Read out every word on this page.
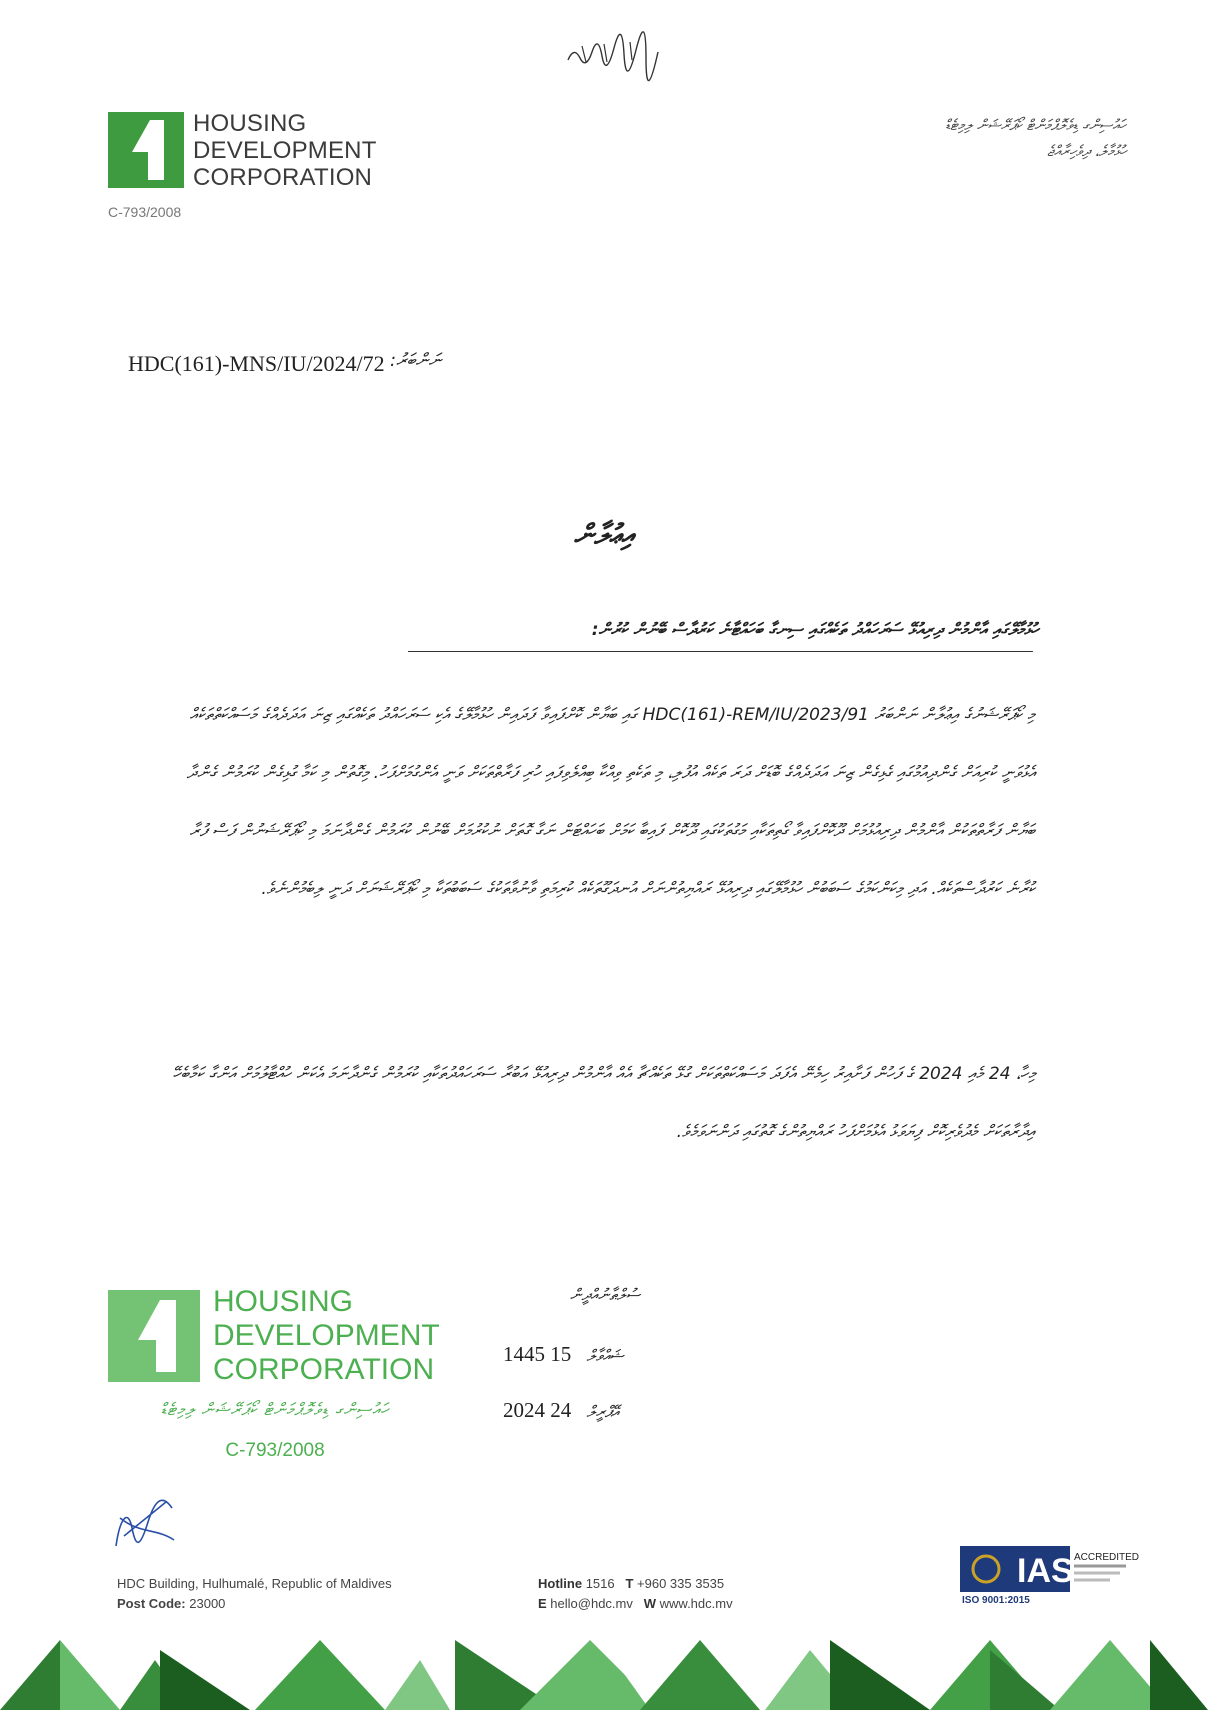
HOUSING
DEVELOPMENT
CORPORATION
C-793/2008
ހައުސިންގ ޑިވެލޮޕްމަންޓް ކޯޕަރޭޝަން ލިމިޓެޑް
ހުޅުމާލެ، ދިވެހިރާއްޖެ
HDC(161)-MNS/IU/2024/72 ނަންބަރު:
އިޢުލާން
ހުޅުމާލޭގައި އާންމުން ދިރިއުޅޭ ސަރަހައްދު ތަކެއްގައި ސިނގާ ބަހައްޓާނެ ކަރުދާސް ބޭނުން ކުރުން:
މި ކޯޕަރޭޝަނުގެ އިޢުލާން ނަންބަރު HDC(161)-REM/IU/2023/91 ގައި ބަޔާން ކޮށްފައިވާ ފަދައިން ހުޅުމާލޭގެ އެކި ސަރަހައްދު ތަކެއްގައި ޒިނަ އަދަދެއްގެ މަސައްކަތްތަކެއް އެޅުވަނީ ކުރިއަށް ގެންދިއުމުގައި ގެޅިގެން ޒިނަ އަދަދެއްގެ ބޮޑަށް ދަރަ ތަކެއް އުފުލި، މި ތަކެތި ވިއްކާ ބިއްލެވިފައި ހުރި ފަރާތްތަކަށް ވަނީ އެންގުމަށްފަހު. މިގޮތުން މި ކަމާ ގުޅިގެން ކުރަމުން ގެންދާ ބަޔާން ފަރާތްތަކުން އާންމުން ދިރިއުޅުމަށް ދޫކޮށްފައިވާ ގޯތިތަކާއި މަގުތަކުގައި ދޫކޮށް ފައިބާ ކަމަށް ބަހައްޓަން ނަގާ ގޮތަށް ނުކުރުމަށް ބޭނުން ކުރަމުން ގެންދާނަމަ މި ކޯޕަރޭޝަނުން ފަސް ފުރާ ކުރާނެ ކަރުދާސްތަކެއް. އަދި މިކަންކަމުގެ ސަބަބުން ހުޅުމާލޭގައި ދިރިއުޅޭ ރައްޔިތުންނަށް އުނދަގޫތަކެއް ކުރިމަތި ވާނުވާތަކުގެ ސަބަބުތަކާ މި ކޯޕަރޭޝަނަށް ދަނީ ލިބެމުންނެވެ.
މިހާ، 24 މެއި 2024 ގެ ފަހުން ފަށާއިރު ހިމެނޭ އެފަދަ މަސައްކަތްތަކަށް ގުޅޭ ތަކެއްޗާ އެއް އާންމުން ދިރިއުޅޭ އަބުރާ ސަރަހައްދުތަކާއި ކުރަމުން ގެންދާނަމަ އެކަން ހުއްޓާލުމަށް އަންގާ ކަމާބެހޭ އިދާރާތަކަށް މެދުވެރިކޮށް ފިޔަވަޅު އެޅުމަށްފަހު ރައްޔިތުންގެ ގޮތުގައި ދަންނަވަމެވެ.
HOUSING
DEVELOPMENT
CORPORATION
ހައުސިންގ ޑިވެލޮޕްމަންޓް ކޯޕަރޭޝަން ލިމިޓެޑް
C-793/2008
ސުލްޠާނުއްދީން
1445	ޝައްވާލް 15
2024	އޭޕްރީލް 24
HDC Building, Hulhumalé, Republic of Maldives
Post Code: 23000
Hotline 1516 T +960 335 3535
E hello@hdc.mv W www.hdc.mv
IAS ACCREDITED
ISO 9001:2015
